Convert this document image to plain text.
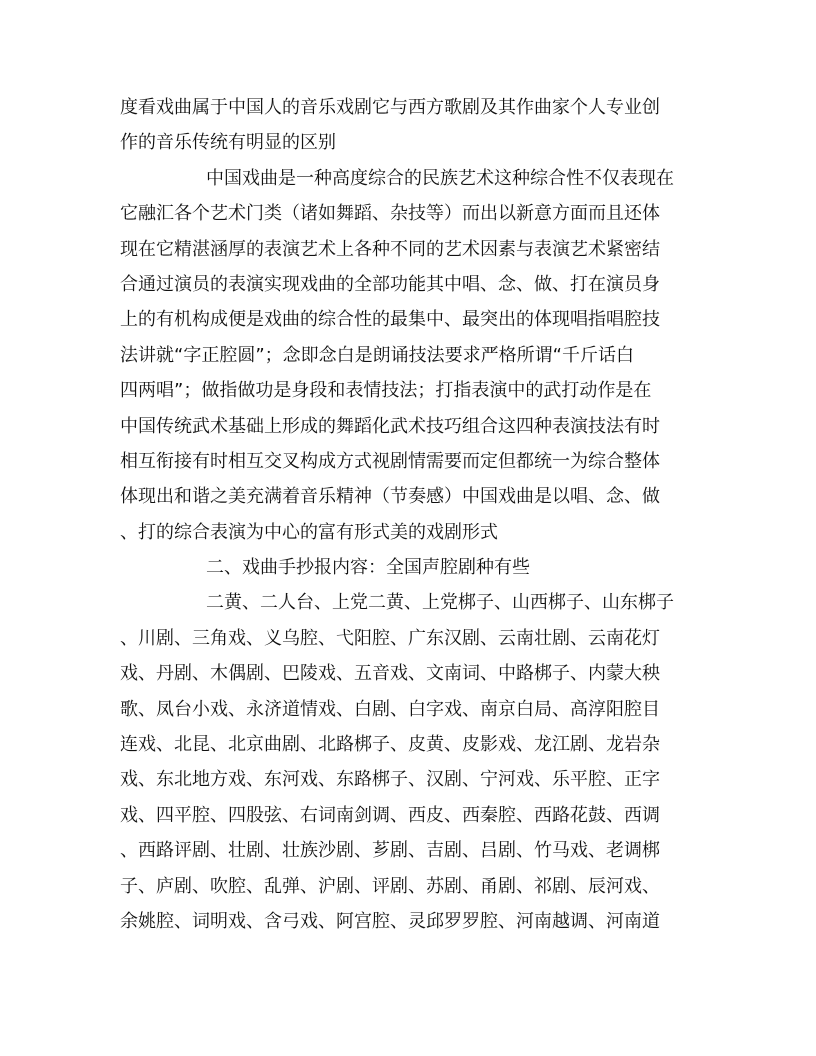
度看戏曲属于中国人的音乐戏剧它与西方歌剧及其作曲家个人专业创
作的音乐传统有明显的区别
中国戏曲是一种高度综合的民族艺术这种综合性不仅表现在
它融汇各个艺术门类（诸如舞蹈、杂技等）而出以新意方面而且还体
现在它精湛涵厚的表演艺术上各种不同的艺术因素与表演艺术紧密结
合通过演员的表演实现戏曲的全部功能其中唱、念、做、打在演员身
上的有机构成便是戏曲的综合性的最集中、最突出的体现唱指唱腔技
法讲就“字正腔圆”；念即念白是朗诵技法要求严格所谓“千斤话白
四两唱”；做指做功是身段和表情技法；打指表演中的武打动作是在
中国传统武术基础上形成的舞蹈化武术技巧组合这四种表演技法有时
相互衔接有时相互交叉构成方式视剧情需要而定但都统一为综合整体
体现出和谐之美充满着音乐精神（节奏感）中国戏曲是以唱、念、做
、打的综合表演为中心的富有形式美的戏剧形式
二、戏曲手抄报内容：全国声腔剧种有些
二黄、二人台、上党二黄、上党梆子、山西梆子、山东梆子
、川剧、三角戏、义乌腔、弋阳腔、广东汉剧、云南壮剧、云南花灯
戏、丹剧、木偶剧、巴陵戏、五音戏、文南词、中路梆子、内蒙大秧
歌、凤台小戏、永济道情戏、白剧、白字戏、南京白局、高淳阳腔目
连戏、北昆、北京曲剧、北路梆子、皮黄、皮影戏、龙江剧、龙岩杂
戏、东北地方戏、东河戏、东路梆子、汉剧、宁河戏、乐平腔、正字
戏、四平腔、四股弦、右词南剑调、西皮、西秦腔、西路花鼓、西调
、西路评剧、壮剧、壮族沙剧、芗剧、吉剧、吕剧、竹马戏、老调梆
子、庐剧、吹腔、乱弹、沪剧、评剧、苏剧、甬剧、祁剧、辰河戏、
余姚腔、词明戏、含弓戏、阿宫腔、灵邱罗罗腔、河南越调、河南道
